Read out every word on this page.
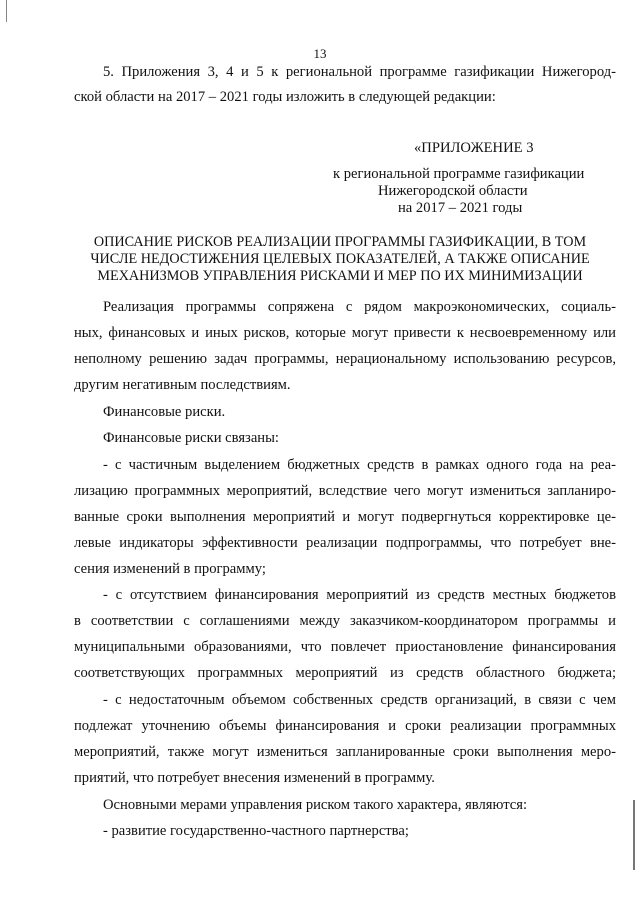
13
5. Приложения 3, 4 и 5 к региональной программе газификации Нижегород-
ской области на 2017 – 2021 годы изложить в следующей редакции:
«ПРИЛОЖЕНИЕ 3
к региональной программе газификации
Нижегородской области
на 2017 – 2021 годы
ОПИСАНИЕ РИСКОВ РЕАЛИЗАЦИИ ПРОГРАММЫ ГАЗИФИКАЦИИ, В ТОМ
ЧИСЛЕ НЕДОСТИЖЕНИЯ ЦЕЛЕВЫХ ПОКАЗАТЕЛЕЙ, А ТАКЖЕ ОПИСАНИЕ
МЕХАНИЗМОВ УПРАВЛЕНИЯ РИСКАМИ И МЕР ПО ИХ МИНИМИЗАЦИИ
Реализация программы сопряжена с рядом макроэкономических, социаль-
ных, финансовых и иных рисков, которые могут привести к несвоевременному или
неполному решению задач программы, нерациональному использованию ресурсов,
другим негативным последствиям.
Финансовые риски.
Финансовые риски связаны:
- с частичным выделением бюджетных средств в рамках одного года на реа-
лизацию программных мероприятий, вследствие чего могут измениться запланиро-
ванные сроки выполнения мероприятий и могут подвергнуться корректировке це-
левые индикаторы эффективности реализации подпрограммы, что потребует вне-
сения изменений в программу;
- с отсутствием финансирования мероприятий из средств местных бюджетов
в соответствии с соглашениями между заказчиком-координатором программы и
муниципальными образованиями, что повлечет приостановление финансирования
соответствующих программных мероприятий из средств областного бюджета;
- с недостаточным объемом собственных средств организаций, в связи с чем
подлежат уточнению объемы финансирования и сроки реализации программных
мероприятий, также могут измениться запланированные сроки выполнения меро-
приятий, что потребует внесения изменений в программу.
Основными мерами управления риском такого характера, являются:
- развитие государственно-частного партнерства;
